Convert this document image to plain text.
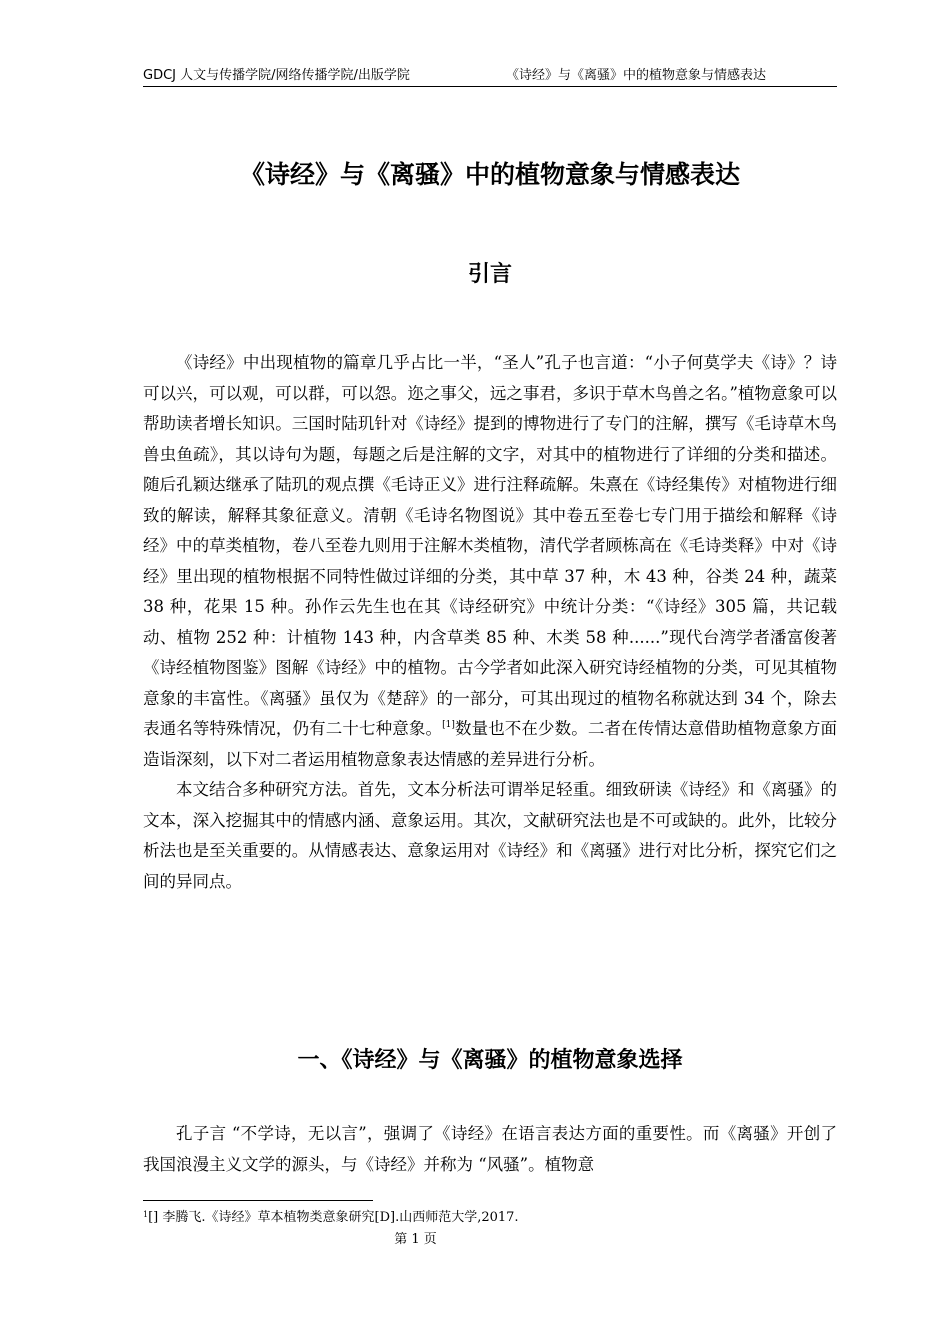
GDCJ 人文与传播学院/网络传播学院/出版学院	《诗经》与《离骚》中的植物意象与情感表达
《诗经》与《离骚》中的植物意象与情感表达
引言

《诗经》中出现植物的篇章几乎占比一半，“圣人”孔子也言道：“小子何莫学夫《诗》？诗可以兴，可以观，可以群，可以怨。迩之事父，远之事君，多识于草木鸟兽之名。”植物意象可以帮助读者增长知识。三国时陆玑针对《诗经》提到的博物进行了专门的注解，撰写《毛诗草木鸟兽虫鱼疏》，其以诗句为题，每题之后是注解的文字，对其中的植物进行了详细的分类和描述。随后孔颖达继承了陆玑的观点撰《毛诗正义》进行注释疏解。朱熹在《诗经集传》对植物进行细致的解读，解释其象征意义。清朝《毛诗名物图说》其中卷五至卷七专门用于描绘和解释《诗经》中的草类植物，卷八至卷九则用于注解木类植物，清代学者顾栋高在《毛诗类释》中对《诗经》里出现的植物根据不同特性做过详细的分类，其中草 37 种，木 43 种，谷类 24 种，蔬菜 38 种，花果 15 种。孙作云先生也在其《诗经研究》中统计分类：“《诗经》305 篇，共记载动、植物 252 种：计植物 143 种，内含草类 85 种、木类 58 种......”现代台湾学者潘富俊著《诗经植物图鉴》图解《诗经》中的植物。古今学者如此深入研究诗经植物的分类，可见其植物意象的丰富性。《离骚》虽仅为《楚辞》的一部分，可其出现过的植物名称就达到 34 个，除去表通名等特殊情况，仍有二十七种意象。[1]数量也不在少数。二者在传情达意借助植物意象方面造诣深刻，以下对二者运用植物意象表达情感的差异进行分析。

本文结合多种研究方法。首先，文本分析法可谓举足轻重。细致研读《诗经》和《离骚》的文本，深入挖掘其中的情感内涵、意象运用。其次，文献研究法也是不可或缺的。此外，比较分析法也是至关重要的。从情感表达、意象运用对《诗经》和《离骚》进行对比分析，探究它们之间的异同点。

一、《诗经》与《离骚》的植物意象选择

孔子言 “不学诗，无以言”，强调了《诗经》在语言表达方面的重要性。而《离骚》开创了我国浪漫主义文学的源头，与《诗经》并称为 “风骚”。植物意

$^1$[] 李腾飞.《诗经》草本植物类意象研究[D].山西师范大学,2017.
第 1 页
